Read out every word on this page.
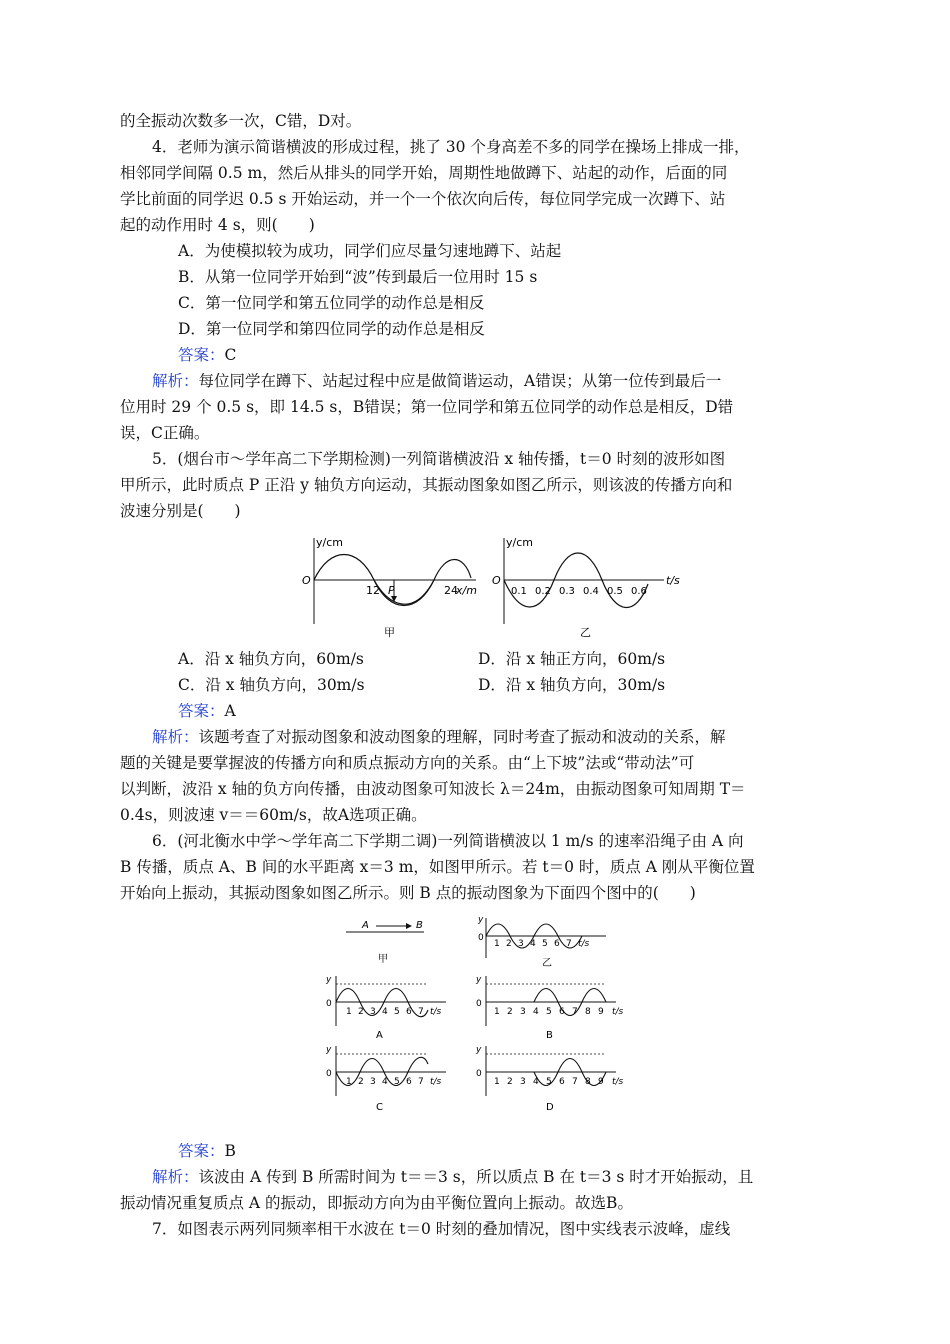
的全振动次数多一次，C错，D对。

4．老师为演示简谐横波的形成过程，挑了 30 个身高差不多的同学在操场上排成一排，

相邻同学间隔 0.5 m，然后从排头的同学开始，周期性地做蹲下、站起的动作，后面的同

学比前面的同学迟 0.5 s 开始运动，并一个一个依次向后传，每位同学完成一次蹲下、站

起的动作用时 4 s，则(　　)

A．为使模拟较为成功，同学们应尽量匀速地蹲下、站起

B．从第一位同学开始到“波”传到最后一位用时 15 s

C．第一位同学和第五位同学的动作总是相反

D．第一位同学和第四位同学的动作总是相反

答案：C

解析：每位同学在蹲下、站起过程中应是做简谐运动，A错误；从第一位传到最后一

位用时 29 个 0.5 s，即 14.5 s，B错误；第一位同学和第五位同学的动作总是相反，D错

误，C正确。

5．(烟台市～学年高二下学期检测)一列简谐横波沿 x 轴传播，t＝0 时刻的波形如图

甲所示，此时质点 P 正沿 y 轴负方向运动，其振动图象如图乙所示，则该波的传播方向和

波速分别是(　　)

y/cm
O
x/m
12	24
P
甲
y/cm
O	t/s
0.1 0.2 0.3 0.4 0.5 0.6
乙
A．沿 x 轴负方向，60m/s	D．沿 x 轴正方向，60m/s
C．沿 x 轴负方向，30m/s	D．沿 x 轴负方向，30m/s

答案：A

解析：该题考查了对振动图象和波动图象的理解，同时考查了振动和波动的关系，解

题的关键是要掌握波的传播方向和质点振动方向的关系。由“上下坡”法或“带动法”可

以判断，波沿 x 轴的负方向传播，由波动图象可知波长 λ＝24m，由振动图象可知周期 T＝

0.4s，则波速 v＝＝60m/s，故A选项正确。

6．(河北衡水中学～学年高二下学期二调)一列简谐横波以 1 m/s 的速率沿绳子由 A 向

B 传播，质点 A、B 间的水平距离 x＝3 m，如图甲所示。若 t＝0 时，质点 A 刚从平衡位置

开始向上振动，其振动图象如图乙所示。则 B 点的振动图象为下面四个图中的(　　)

A	B
甲
y
0
1 2 3 4 5 6 7 t/s
乙
y
0
1 2 3 4 5 6 7 t/s
A
y
0
1 2 3 4 5 6 7 8 9 t/s
B
y
0
1 2 3 4 5 6 7 t/s
C
y
0
1 2 3 4 5 6 7 8 9 t/s
D

答案：B

解析：该波由 A 传到 B 所需时间为 t＝＝3 s，所以质点 B 在 t＝3 s 时才开始振动，且

振动情况重复质点 A 的振动，即振动方向为由平衡位置向上振动。故选B。

7．如图表示两列同频率相干水波在 t＝0 时刻的叠加情况，图中实线表示波峰，虚线
